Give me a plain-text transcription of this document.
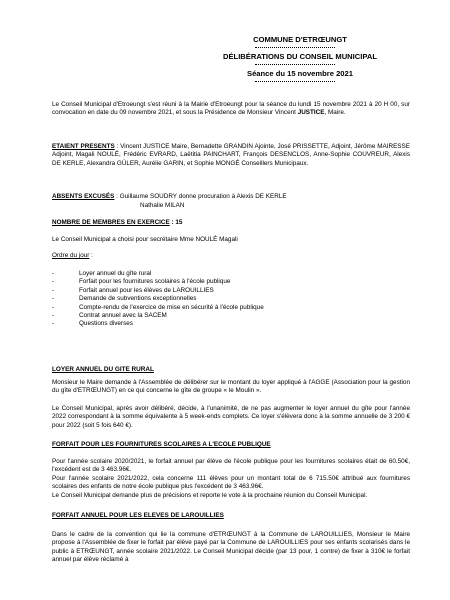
COMMUNE D'ETRŒUNGT
DÉLIBÉRATIONS DU CONSEIL MUNICIPAL
Séance du 15 novembre 2021

Le Conseil Municipal d'Etroeungt s'est réuni à la Mairie d'Etroeungt pour la séance du lundi 15 novembre 2021 à 20 H 00, sur convocation en date du 09 novembre 2021, et sous la Présidence de Monsieur Vincent JUSTICE, Maire.

ETAIENT PRESENTS : Vincent JUSTICE Maire, Bernadette GRANDIN Ajointe, José PRISSETTE, Adjoint, Jérôme MAIRESSE Adjoint, Magali NOULÉ, Frédéric EVRARD, Laëtitia PAINCHART, François DESENCLOS, Anne-Sophie COUVREUR, Alexis DE KERLE, Alexandra GÜLER, Aurélie GARIN, et Sophie MONGÉ Conseillers Municipaux.

ABSENTS EXCUSÉS : Guillaume SOUDRY donne procuration à Alexis DE KERLE

Nathalie MILAN

NOMBRE DE MEMBRES EN EXERCICE : 15

Le Conseil Municipal a choisi pour secrétaire Mme NOULÉ Magali

Ordre du jour :

- Loyer annuel du gîte rural
- Forfait pour les fournitures scolaires à l'école publique
- Forfait annuel pour les élèves de LAROUILLIES
- Demande de subventions exceptionnelles
- Compte-rendu de l'exercice de mise en sécurité à l'école publique
- Contrat annuel avec la SACEM
- Questions diverses
LOYER ANNUEL DU GITE RURAL

Monsieur le Maire demande à l'Assemblée de délibérer sur le montant du loyer appliqué à l'AGGE (Association pour la gestion du gîte d'ETRŒUNGT) en ce qui concerne le gîte de groupe « le Moulin ».

Le Conseil Municipal, après avoir délibéré, décide, à l'unanimité, de ne pas augmenter le loyer annuel du gîte pour l'année 2022 correspondant à la somme équivalente à 5 week-ends complets. Ce loyer s'élèvera donc à la somme annuelle de 3 200 € pour 2022 (soit 5 fois 640 €).

FORFAIT POUR LES FOURNITURES SCOLAIRES A L'ECOLE PUBLIQUE

Pour l'année scolaire 2020/2021, le forfait annuel par élève de l'école publique pour les fournitures scolaires était de 60.50€, l'excédent est de 3 463.96€.

Pour l'année scolaire 2021/2022, cela concerne 111 élèves pour un montant total de 6 715.50€ attribué aux fournitures scolaires des enfants de notre école publique plus l'excédent de 3 463.96€.

Le Conseil Municipal demande plus de précisions et reporte le vote à la prochaine réunion du Conseil Municipal.

FORFAIT ANNUEL POUR LES ELEVES DE LAROUILLIES

Dans le cadre de la convention qui lie la commune d'ETRŒUNGT à la Commune de LAROUILLIES, Monsieur le Maire propose à l'Assemblée de fixer le forfait par élève payé par la Commune de LAROUILLIES pour ses enfants scolarisés dans le public à ETRŒUNGT, année scolaire 2021/2022. Le Conseil Municipal décide (par 13 pour, 1 contre) de fixer à 310€ le forfait annuel par élève réclamé à
